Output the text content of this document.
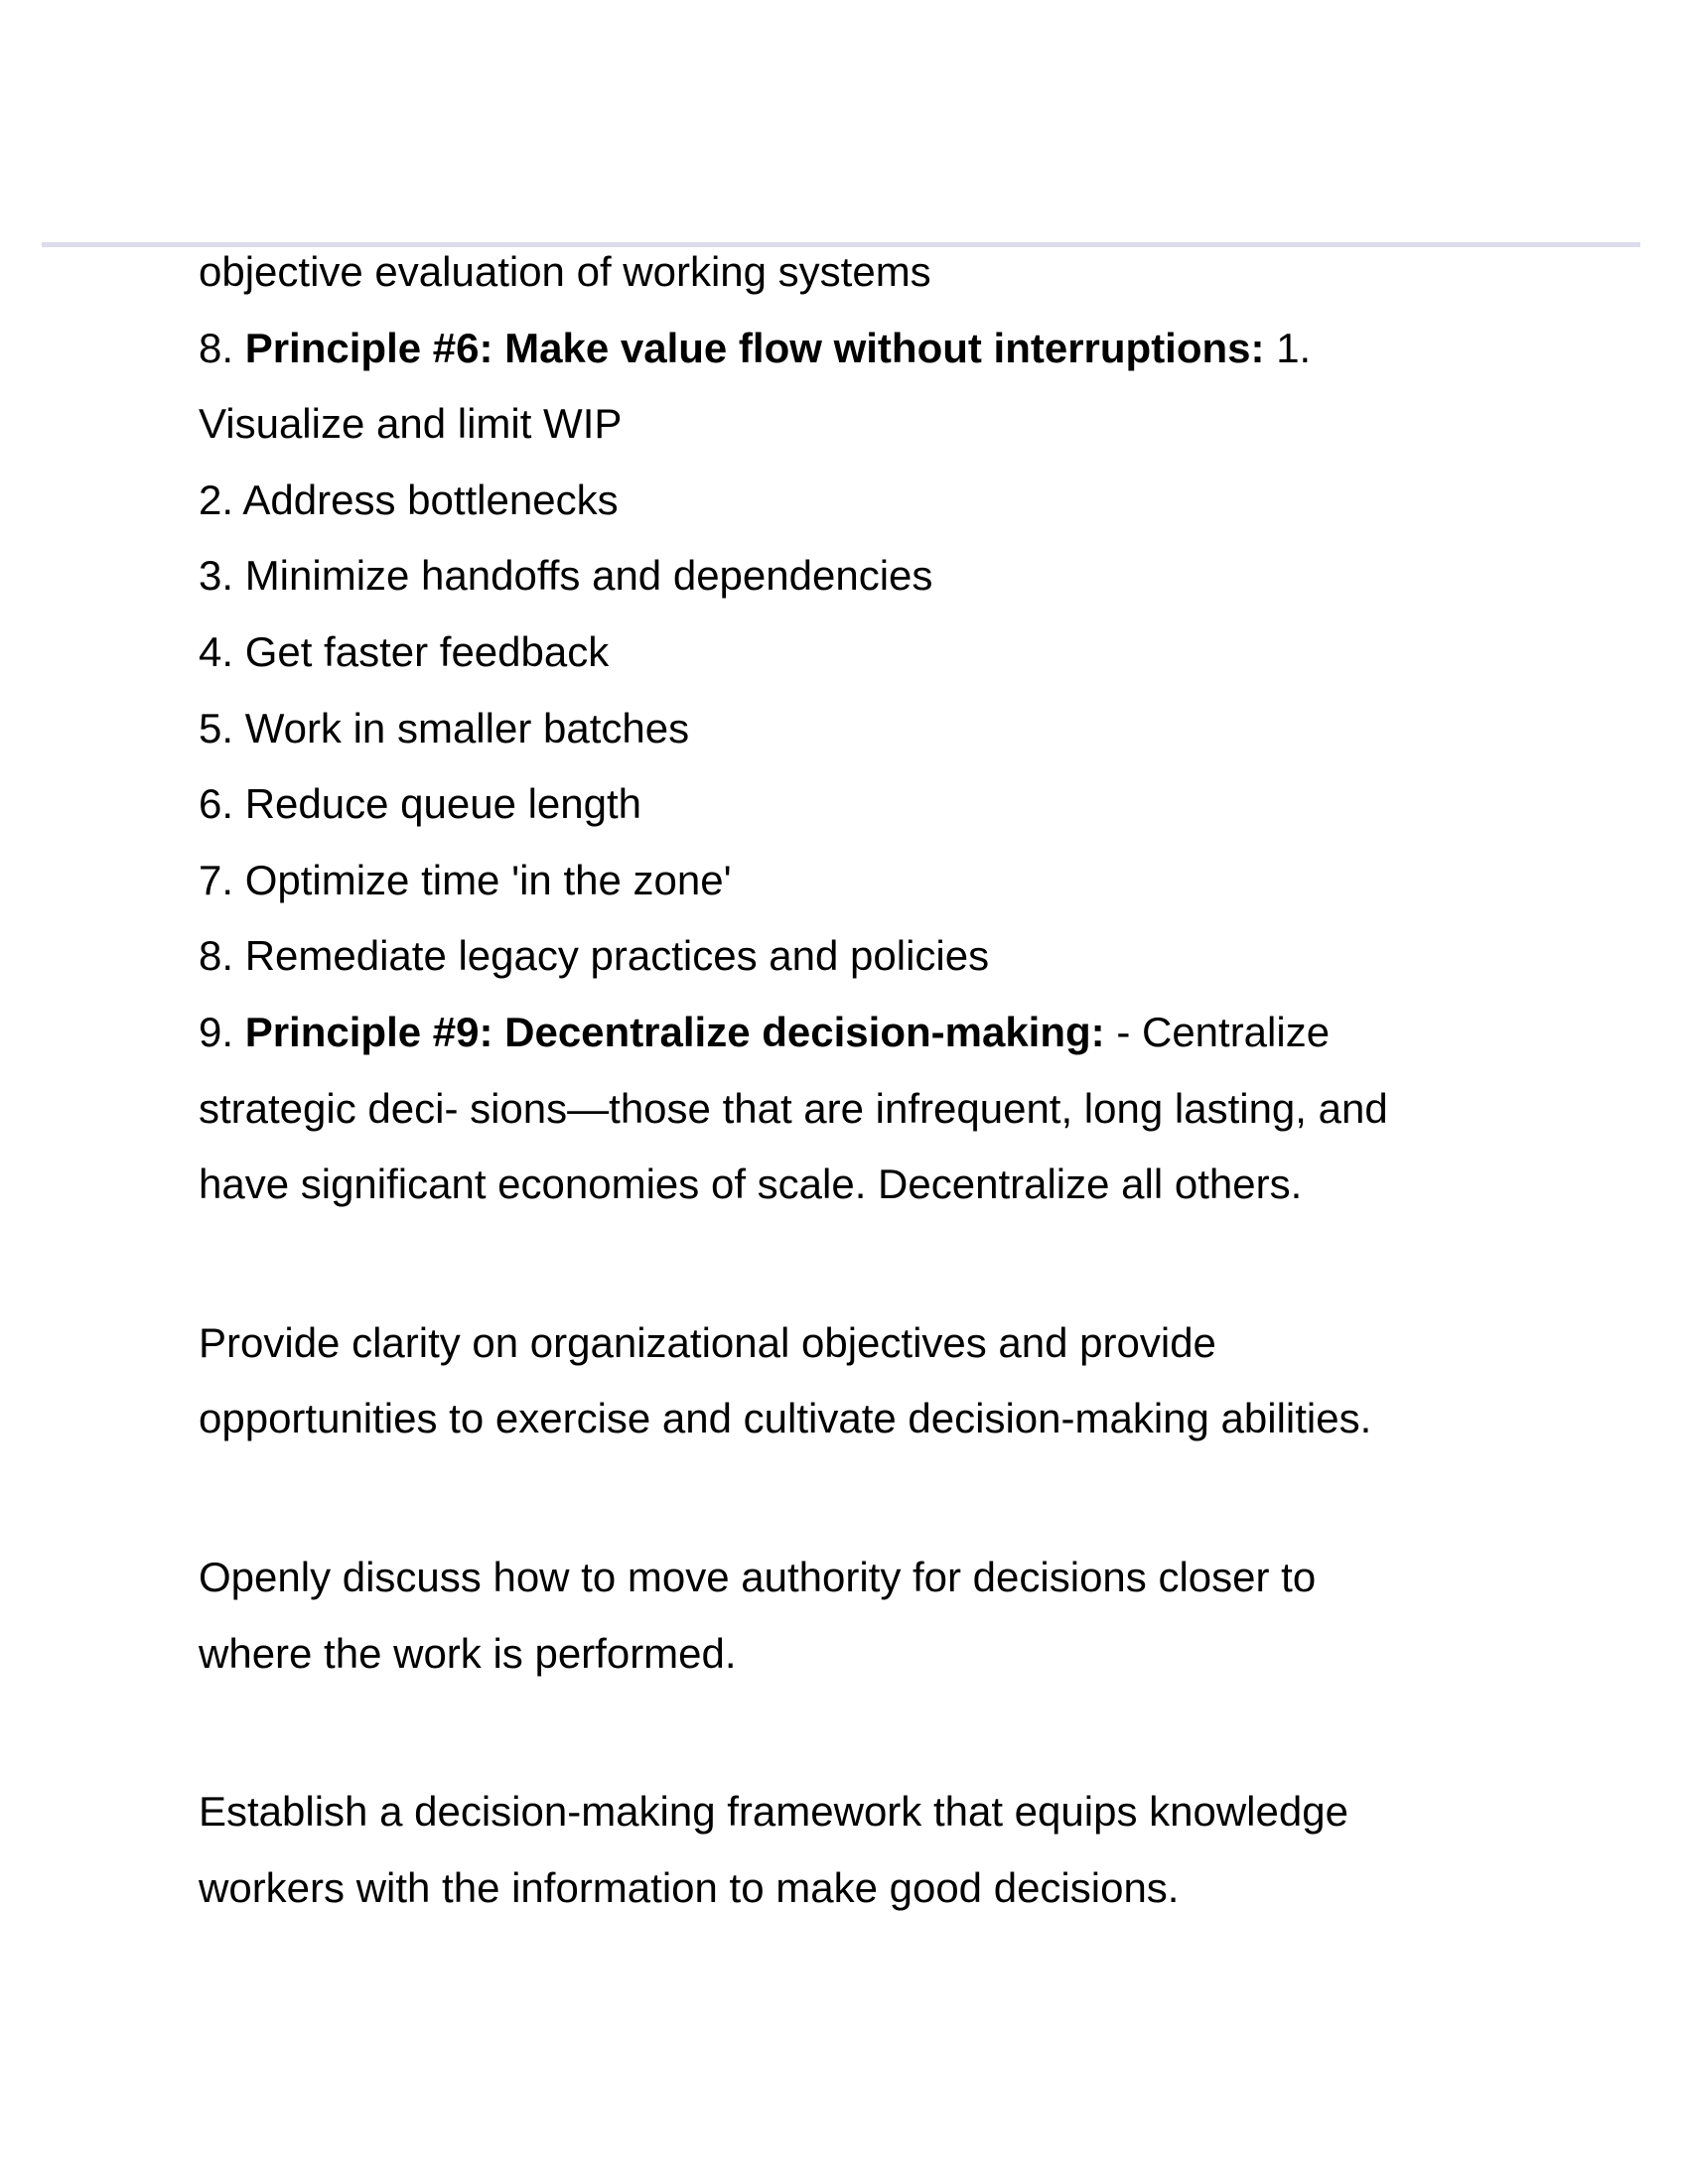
objective evaluation of working systems

8. Principle #6: Make value flow without interruptions: 1.

Visualize and limit WIP

2. Address bottlenecks

3. Minimize handoffs and dependencies

4. Get faster feedback

5. Work in smaller batches

6. Reduce queue length

7. Optimize time 'in the zone'

8. Remediate legacy practices and policies

9. Principle #9: Decentralize decision-making: - Centralize

strategic deci- sions—those that are infrequent, long lasting, and

have significant economies of scale. Decentralize all others.

Provide clarity on organizational objectives and provide

opportunities to exercise and cultivate decision-making abilities.

Openly discuss how to move authority for decisions closer to

where the work is performed.

Establish a decision-making framework that equips knowledge

workers with the information to make good decisions.
